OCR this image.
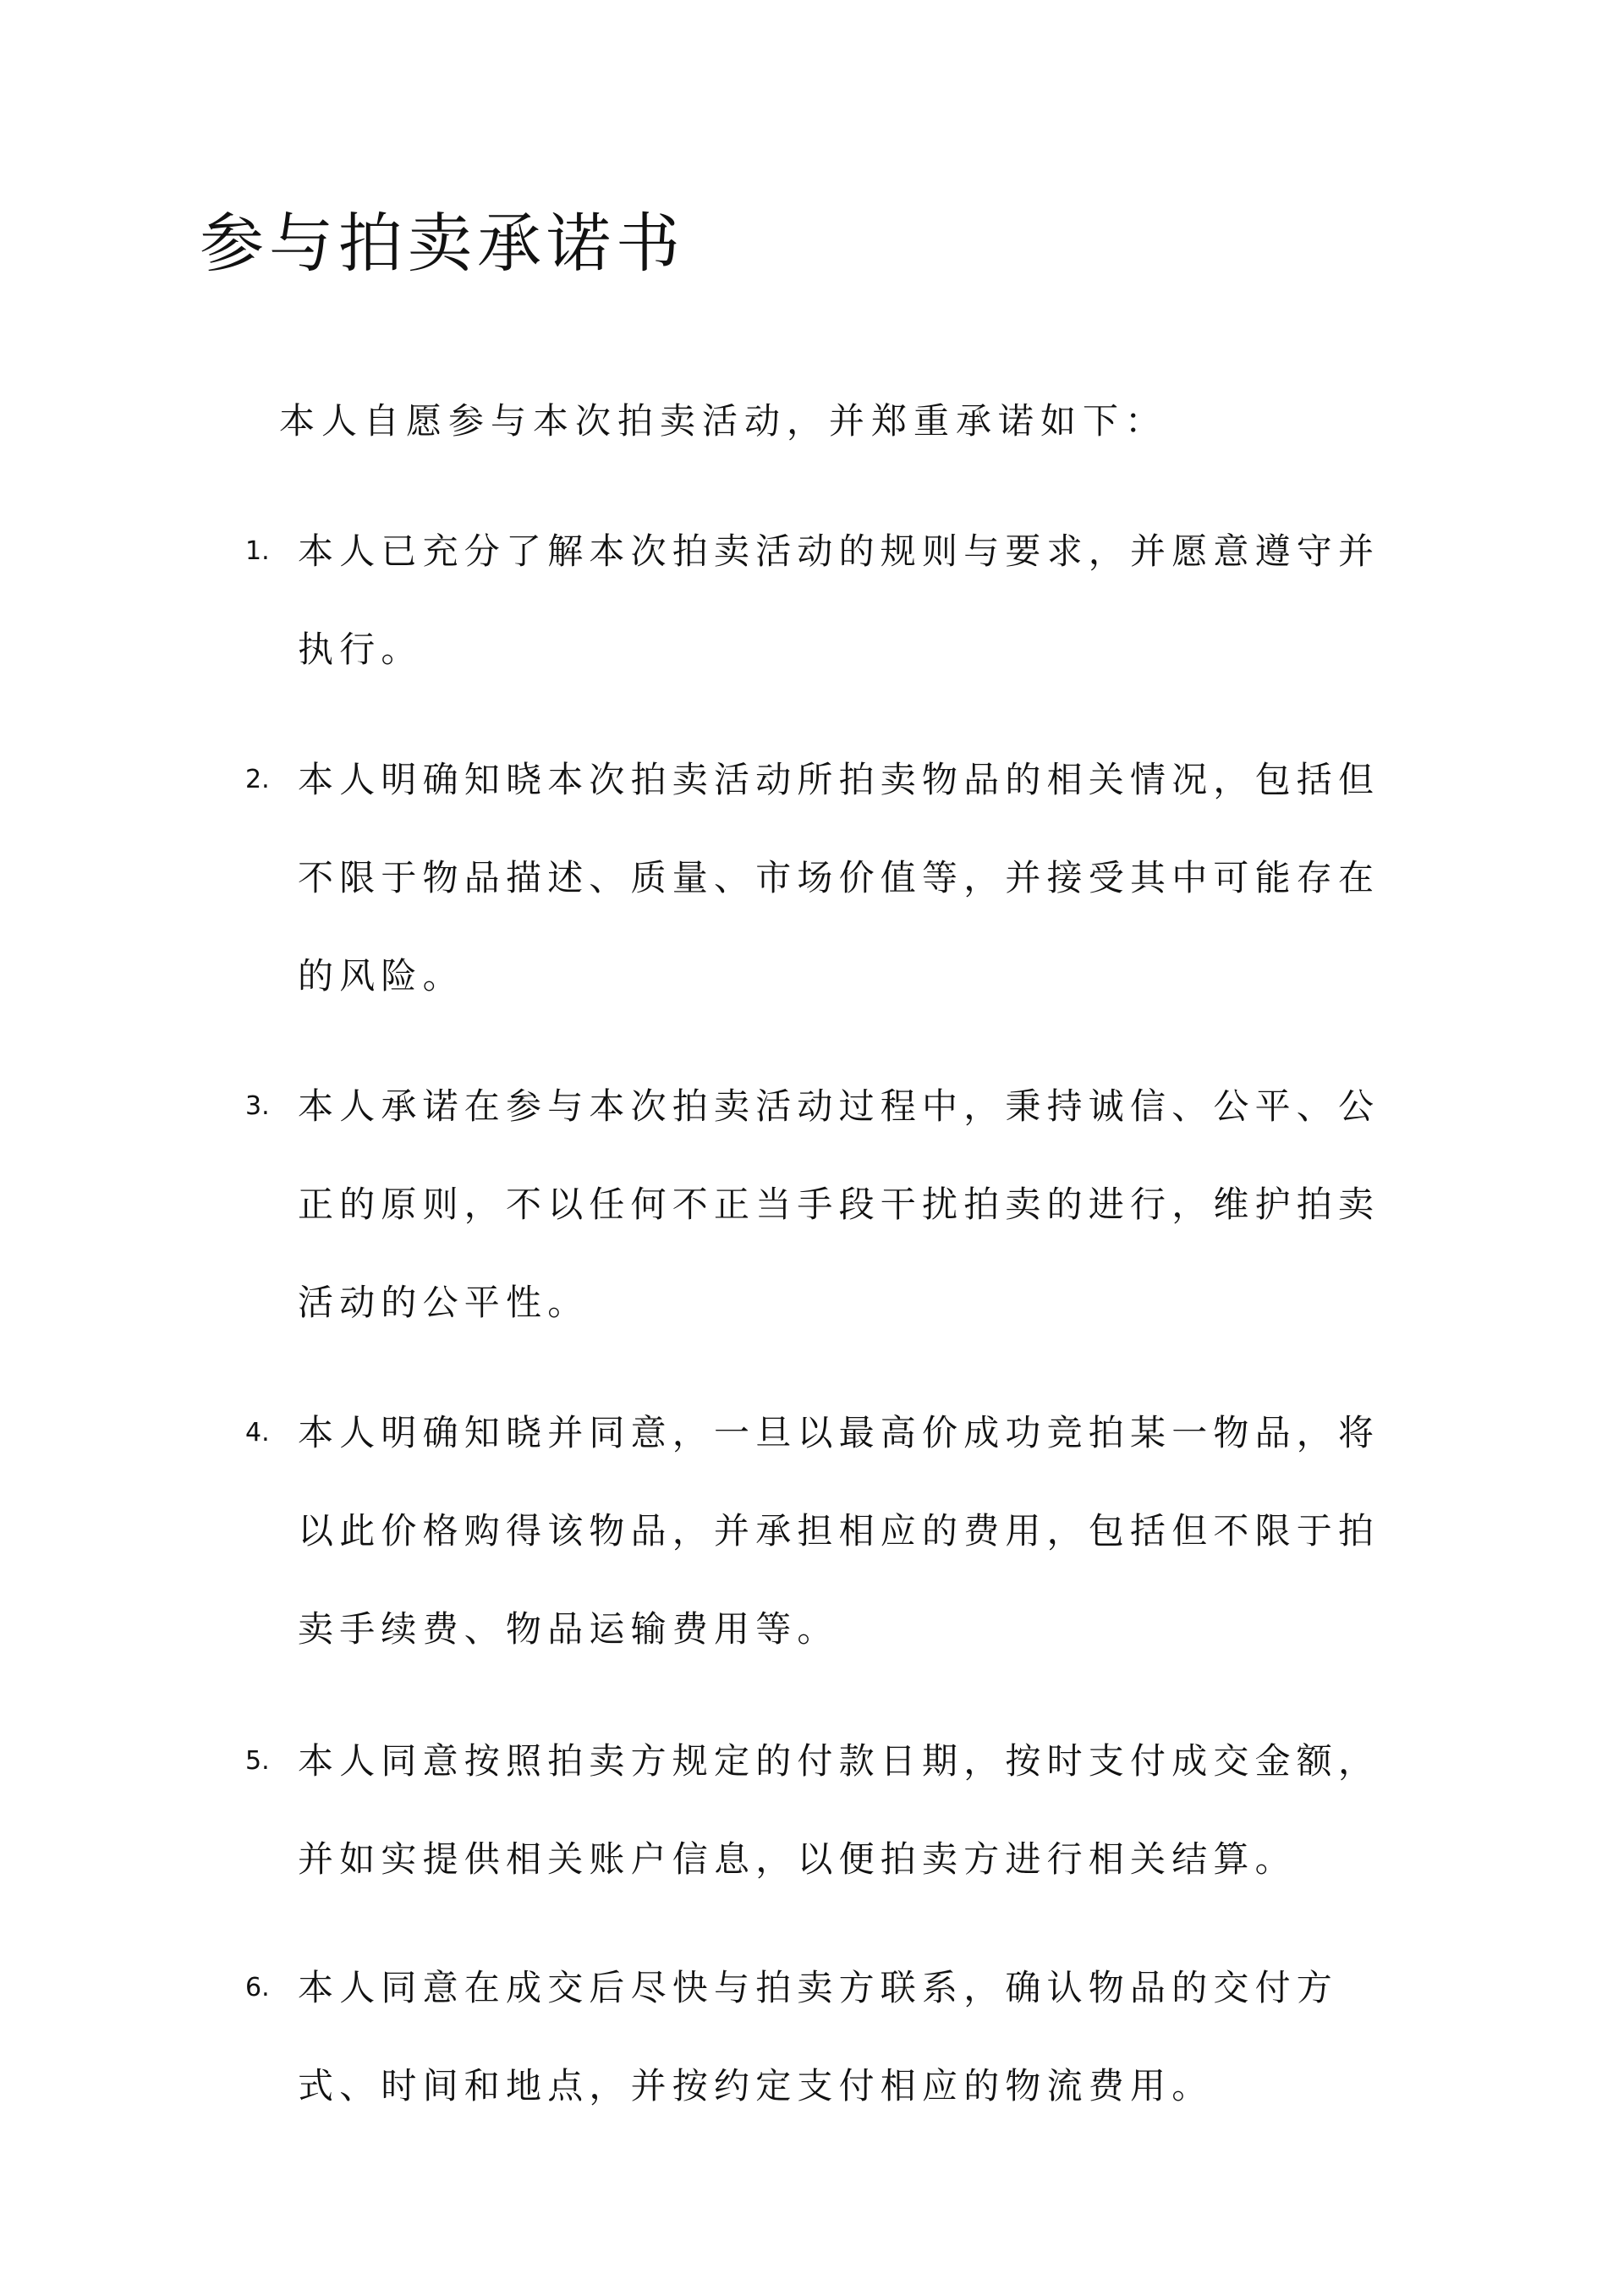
参与拍卖承诺书

本人自愿参与本次拍卖活动，并郑重承诺如下：

1. 本人已充分了解本次拍卖活动的规则与要求，并愿意遵守并执行。

2. 本人明确知晓本次拍卖活动所拍卖物品的相关情况，包括但不限于物品描述、质量、市场价值等，并接受其中可能存在的风险。

3. 本人承诺在参与本次拍卖活动过程中，秉持诚信、公平、公正的原则，不以任何不正当手段干扰拍卖的进行，维护拍卖活动的公平性。

4. 本人明确知晓并同意，一旦以最高价成功竞拍某一物品，将以此价格购得该物品，并承担相应的费用，包括但不限于拍卖手续费、物品运输费用等。

5. 本人同意按照拍卖方规定的付款日期，按时支付成交金额，并如实提供相关账户信息，以便拍卖方进行相关结算。

6. 本人同意在成交后尽快与拍卖方联系，确认物品的交付方式、时间和地点，并按约定支付相应的物流费用。
